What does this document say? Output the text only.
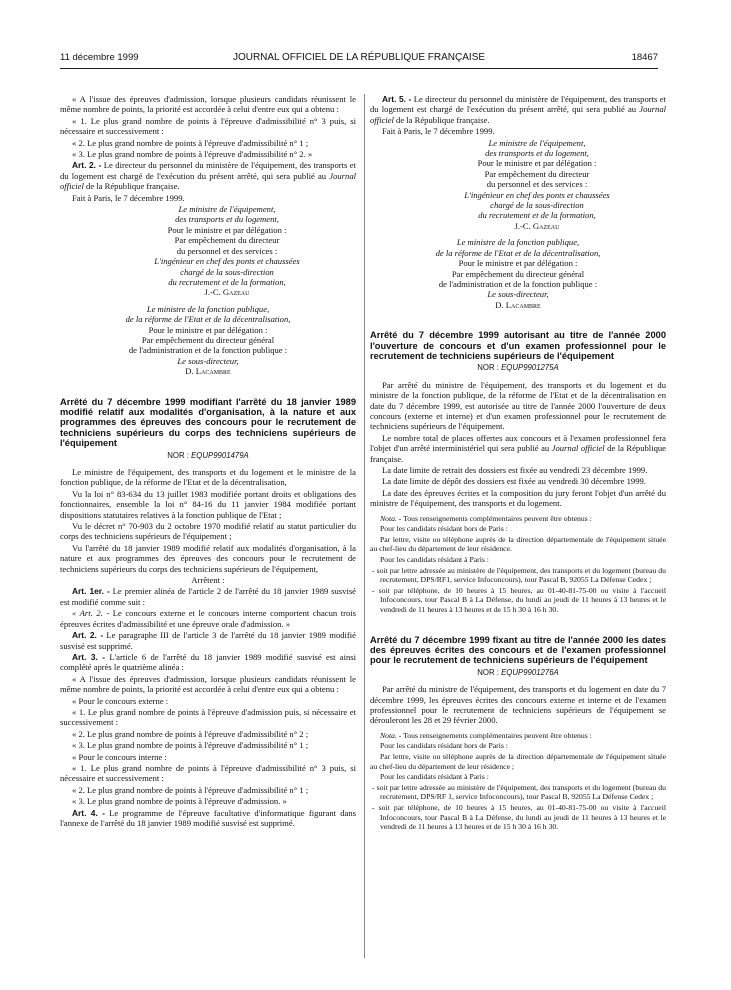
11 décembre 1999	JOURNAL OFFICIEL DE LA RÉPUBLIQUE FRANÇAISE	18467

« A l'issue des épreuves d'admission, lorsque plusieurs candidats réunissent le même nombre de points, la priorité est accordée à celui d'entre eux qui a obtenu :

« 1. Le plus grand nombre de points à l'épreuve d'admissibilité n° 3 puis, si nécessaire et successivement :

« 2. Le plus grand nombre de points à l'épreuve d'admissibilité n° 1 ;

« 3. Le plus grand nombre de points à l'épreuve d'admissibilité n° 2. »

Art. 2. - Le directeur du personnel du ministère de l'équipement, des transports et du logement est chargé de l'exécution du présent arrêté, qui sera publié au Journal officiel de la République française.

Fait à Paris, le 7 décembre 1999.

Le ministre de l'équipement,
des transports et du logement,
Pour le ministre et par délégation :
Par empêchement du directeur
du personnel et des services :
L'ingénieur en chef des ponts et chaussées
chargé de la sous-direction
du recrutement et de la formation,
J.-C. Gazeau
Le ministre de la fonction publique,
de la réforme de l'Etat et de la décentralisation,
Pour le ministre et par délégation :
Par empêchement du directeur général
de l'administration et de la fonction publique :
Le sous-directeur,
D. Lacambre
Arrêté du 7 décembre 1999 modifiant l'arrêté du 18 janvier 1989 modifié relatif aux modalités d'organisation, à la nature et aux programmes des épreuves des concours pour le recrutement de techniciens supérieurs du corps des techniciens supérieurs de l'équipement
NOR : EQUP9901479A

Le ministre de l'équipement, des transports et du logement et le ministre de la fonction publique, de la réforme de l'Etat et de la décentralisation,

Vu la loi n° 83-634 du 13 juillet 1983 modifiée portant droits et obligations des fonctionnaires, ensemble la loi n° 84-16 du 11 janvier 1984 modifiée portant dispositions statutaires relatives à la fonction publique de l'Etat ;

Vu le décret n° 70-903 du 2 octobre 1970 modifié relatif au statut particulier du corps des techniciens supérieurs de l'équipement ;

Vu l'arrêté du 18 janvier 1989 modifié relatif aux modalités d'organisation, à la nature et aux programmes des épreuves des concours pour le recrutement de techniciens supérieurs du corps des techniciens supérieurs de l'équipement,

Arrêtent :

Art. 1er. - Le premier alinéa de l'article 2 de l'arrêté du 18 janvier 1989 susvisé est modifié comme suit :

« Art. 2. - Le concours externe et le concours interne comportent chacun trois épreuves écrites d'admissibilité et une épreuve orale d'admission. »

Art. 2. - Le paragraphe III de l'article 3 de l'arrêté du 18 janvier 1989 modifié susvisé est supprimé.

Art. 3. - L'article 6 de l'arrêté du 18 janvier 1989 modifié susvisé est ainsi complété après le quatrième alinéa :

« A l'issue des épreuves d'admission, lorsque plusieurs candidats réunissent le même nombre de points, la priorité est accordée à celui d'entre eux qui a obtenu :

« Pour le concours externe :

« 1. Le plus grand nombre de points à l'épreuve d'admission puis, si nécessaire et successivement :

« 2. Le plus grand nombre de points à l'épreuve d'admissibilité n° 2 ;

« 3. Le plus grand nombre de points à l'épreuve d'admissibilité n° 1 ;

« Pour le concours interne :

« 1. Le plus grand nombre de points à l'épreuve d'admissibilité n° 3 puis, si nécessaire et successivement :

« 2. Le plus grand nombre de points à l'épreuve d'admissibilité n° 1 ;

« 3. Le plus grand nombre de points à l'épreuve d'admission. »

Art. 4. - Le programme de l'épreuve facultative d'informatique figurant dans l'annexe de l'arrêté du 18 janvier 1989 modifié susvisé est supprimé.

Art. 5. - Le directeur du personnel du ministère de l'équipement, des transports et du logement est chargé de l'exécution du présent arrêté, qui sera publié au Journal officiel de la République française.

Fait à Paris, le 7 décembre 1999.

Le ministre de l'équipement,
des transports et du logement,
Pour le ministre et par délégation :
Par empêchement du directeur
du personnel et des services :
L'ingénieur en chef des ponts et chaussées
chargé de la sous-direction
du recrutement et de la formation,
J.-C. Gazeau
Le ministre de la fonction publique,
de la réforme de l'Etat et de la décentralisation,
Pour le ministre et par délégation :
Par empêchement du directeur général
de l'administration et de la fonction publique :
Le sous-directeur,
D. Lacambre
Arrêté du 7 décembre 1999 autorisant au titre de l'année 2000 l'ouverture de concours et d'un examen professionnel pour le recrutement de techniciens supérieurs de l'équipement
NOR : EQUP9901275A

Par arrêté du ministre de l'équipement, des transports et du logement et du ministre de la fonction publique, de la réforme de l'Etat et de la décentralisation en date du 7 décembre 1999, est autorisée au titre de l'année 2000 l'ouverture de deux concours (externe et interne) et d'un examen professionnel pour le recrutement de techniciens supérieurs de l'équipement.

Le nombre total de places offertes aux concours et à l'examen professionnel fera l'objet d'un arrêté interministériel qui sera publié au Journal officiel de la République française.

La date limite de retrait des dossiers est fixée au vendredi 23 décembre 1999.

La date limite de dépôt des dossiers est fixée au vendredi 30 décembre 1999.

La date des épreuves écrites et la composition du jury feront l'objet d'un arrêté du ministre de l'équipement, des transports et du logement.

Nota. - Tous renseignements complémentaires peuvent être obtenus :

Pour les candidats résidant hors de Paris :

Par lettre, visite ou téléphone auprès de la direction départementale de l'équipement située au chef-lieu du département de leur résidence.

Pour les candidats résidant à Paris :

- soit par lettre adressée au ministère de l'équipement, des transports et du logement (bureau du recrutement, DPS/RF1, service Infoconcours), tour Pascal B, 92055 La Défense Cedex ;

- soit par téléphone, de 10 heures à 15 heures, au 01-40-81-75-00 ou visite à l'accueil Infoconcours, tour Pascal B à La Défense, du lundi au jeudi de 11 heures à 13 heures et le vendredi de 11 heures à 13 heures et de 15 h 30 à 16 h 30.

Arrêté du 7 décembre 1999 fixant au titre de l'année 2000 les dates des épreuves écrites des concours et de l'examen professionnel pour le recrutement de techniciens supérieurs de l'équipement
NOR : EQUP9901276A

Par arrêté du ministre de l'équipement, des transports et du logement en date du 7 décembre 1999, les épreuves écrites des concours externe et interne et de l'examen professionnel pour le recrutement de techniciens supérieurs de l'équipement se dérouleront les 28 et 29 février 2000.

Nota. - Tous renseignements complémentaires peuvent être obtenus :

Pour les candidats résidant hors de Paris :

Par lettre, visite ou téléphone auprès de la direction départementale de l'équipement située au chef-lieu du département de leur résidence ;

Pour les candidats résidant à Paris :

- soit par lettre adressée au ministère de l'équipement, des transports et du logement (bureau du recrutement, DPS/RF 1, service Infoconcours), tour Pascal B, 92055 La Défense Cedex ;

- soit par téléphone, de 10 heures à 15 heures, au 01-40-81-75-00 ou visite à l'accueil Infoconcours, tour Pascal B à La Défense, du lundi au jeudi de 11 heures à 13 heures et le vendredi de 11 heures à 13 heures et de 15 h 30 à 16 h 30.
